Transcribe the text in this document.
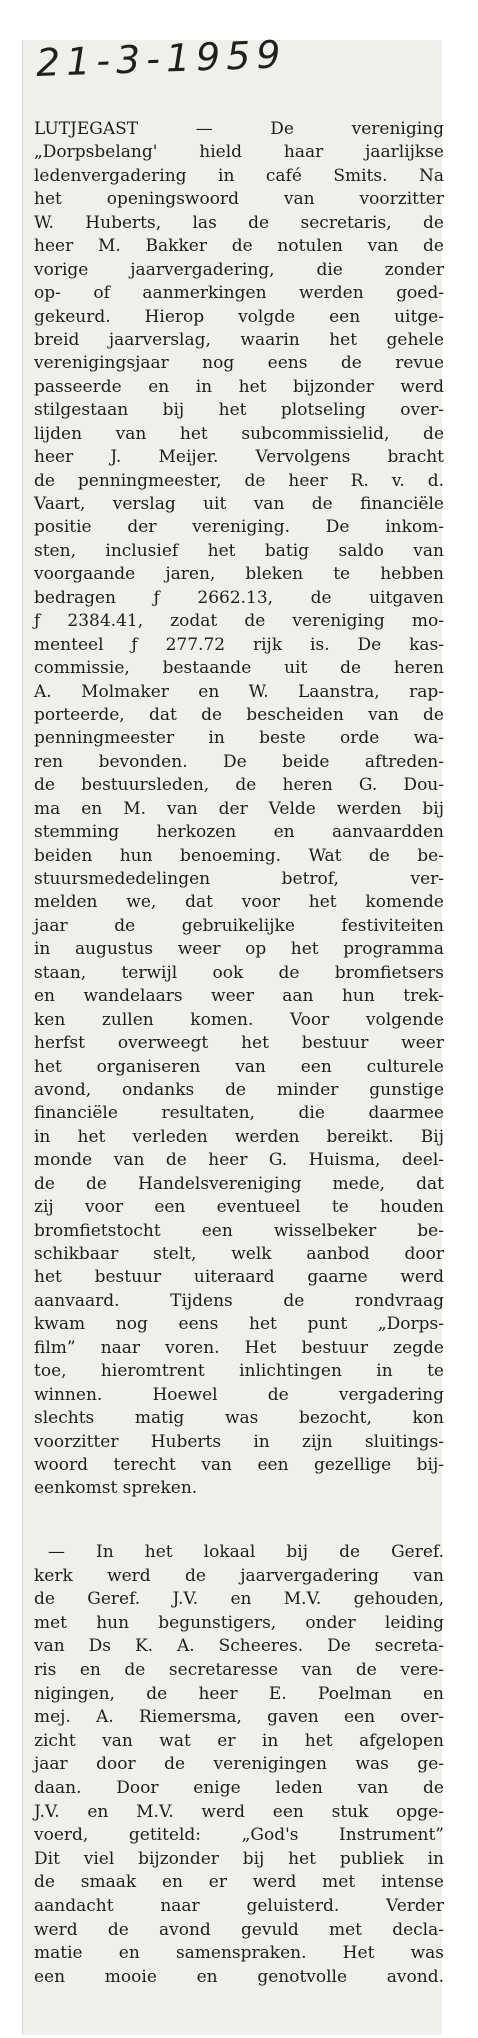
21-3-1959
LUTJEGAST — De vereniging
„Dorpsbelang' hield haar jaarlijkse
ledenvergadering in café Smits. Na
het openingswoord van voorzitter
W. Huberts, las de secretaris, de
heer M. Bakker de notulen van de
vorige jaarvergadering, die zonder
op- of aanmerkingen werden goed-
gekeurd. Hierop volgde een uitge-
breid jaarverslag, waarin het gehele
verenigingsjaar nog eens de revue
passeerde en in het bijzonder werd
stilgestaan bij het plotseling over-
lijden van het subcommissielid, de
heer J. Meijer. Vervolgens bracht
de penningmeester, de heer R. v. d.
Vaart, verslag uit van de financiële
positie der vereniging. De inkom-
sten, inclusief het batig saldo van
voorgaande jaren, bleken te hebben
bedragen ƒ 2662.13, de uitgaven
ƒ 2384.41, zodat de vereniging mo-
menteel ƒ 277.72 rijk is. De kas-
commissie, bestaande uit de heren
A. Molmaker en W. Laanstra, rap-
porteerde, dat de bescheiden van de
penningmeester in beste orde wa-
ren bevonden. De beide aftreden-
de bestuursleden, de heren G. Dou-
ma en M. van der Velde werden bij
stemming herkozen en aanvaardden
beiden hun benoeming. Wat de be-
stuursmededelingen betrof, ver-
melden we, dat voor het komende
jaar de gebruikelijke festiviteiten
in augustus weer op het programma
staan, terwijl ook de bromfietsers
en wandelaars weer aan hun trek-
ken zullen komen. Voor volgende
herfst overweegt het bestuur weer
het organiseren van een culturele
avond, ondanks de minder gunstige
financiële resultaten, die daarmee
in het verleden werden bereikt. Bij
monde van de heer G. Huisma, deel-
de de Handelsvereniging mede, dat
zij voor een eventueel te houden
bromfietstocht een wisselbeker be-
schikbaar stelt, welk aanbod door
het bestuur uiteraard gaarne werd
aanvaard. Tijdens de rondvraag
kwam nog eens het punt „Dorps-
film” naar voren. Het bestuur zegde
toe, hieromtrent inlichtingen in te
winnen. Hoewel de vergadering
slechts matig was bezocht, kon
voorzitter Huberts in zijn sluitings-
woord terecht van een gezellige bij-
eenkomst spreken.
— In het lokaal bij de Geref.
kerk werd de jaarvergadering van
de Geref. J.V. en M.V. gehouden,
met hun begunstigers, onder leiding
van Ds K. A. Scheeres. De secreta-
ris en de secretaresse van de vere-
nigingen, de heer E. Poelman en
mej. A. Riemersma, gaven een over-
zicht van wat er in het afgelopen
jaar door de verenigingen was ge-
daan. Door enige leden van de
J.V. en M.V. werd een stuk opge-
voerd, getiteld: „God's Instrument”
Dit viel bijzonder bij het publiek in
de smaak en er werd met intense
aandacht naar geluisterd. Verder
werd de avond gevuld met decla-
matie en samenspraken. Het was
een mooie en genotvolle avond.
